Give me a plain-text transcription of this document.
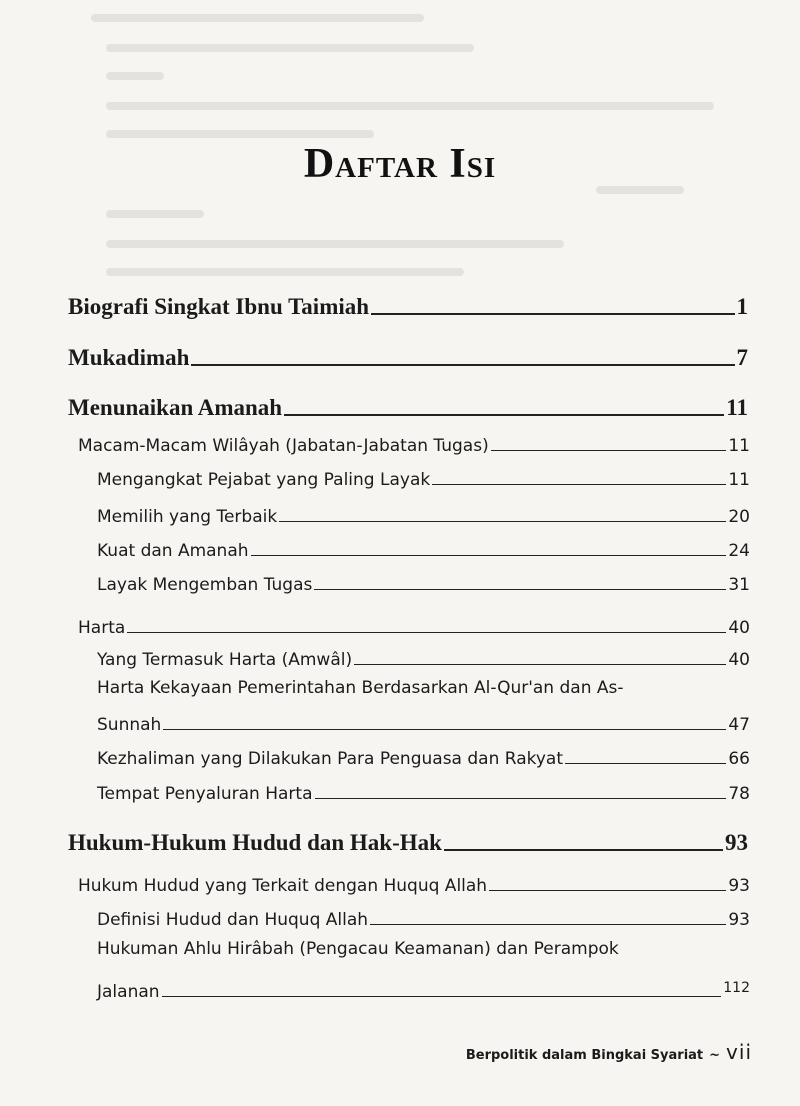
Daftar Isi
Biografi Singkat Ibnu Taimiah	1
Mukadimah	7
Menunaikan Amanah	11
Macam-Macam Wilâyah (Jabatan-Jabatan Tugas)	11
Mengangkat Pejabat yang Paling Layak	11
Memilih yang Terbaik	20
Kuat dan Amanah	24
Layak Mengemban Tugas	31
Harta	40
Yang Termasuk Harta (Amwâl)	40
Harta Kekayaan Pemerintahan Berdasarkan Al-Qur'an dan As-
Sunnah	47
Kezhaliman yang Dilakukan Para Penguasa dan Rakyat	66
Tempat Penyaluran Harta	78
Hukum-Hukum Hudud dan Hak-Hak	93
Hukum Hudud yang Terkait dengan Huquq Allah	93
Definisi Hudud dan Huquq Allah	93
Hukuman Ahlu Hirâbah (Pengacau Keamanan) dan Perampok
Jalanan	112
Berpolitik dalam Bingkai Syariat ~ vii
